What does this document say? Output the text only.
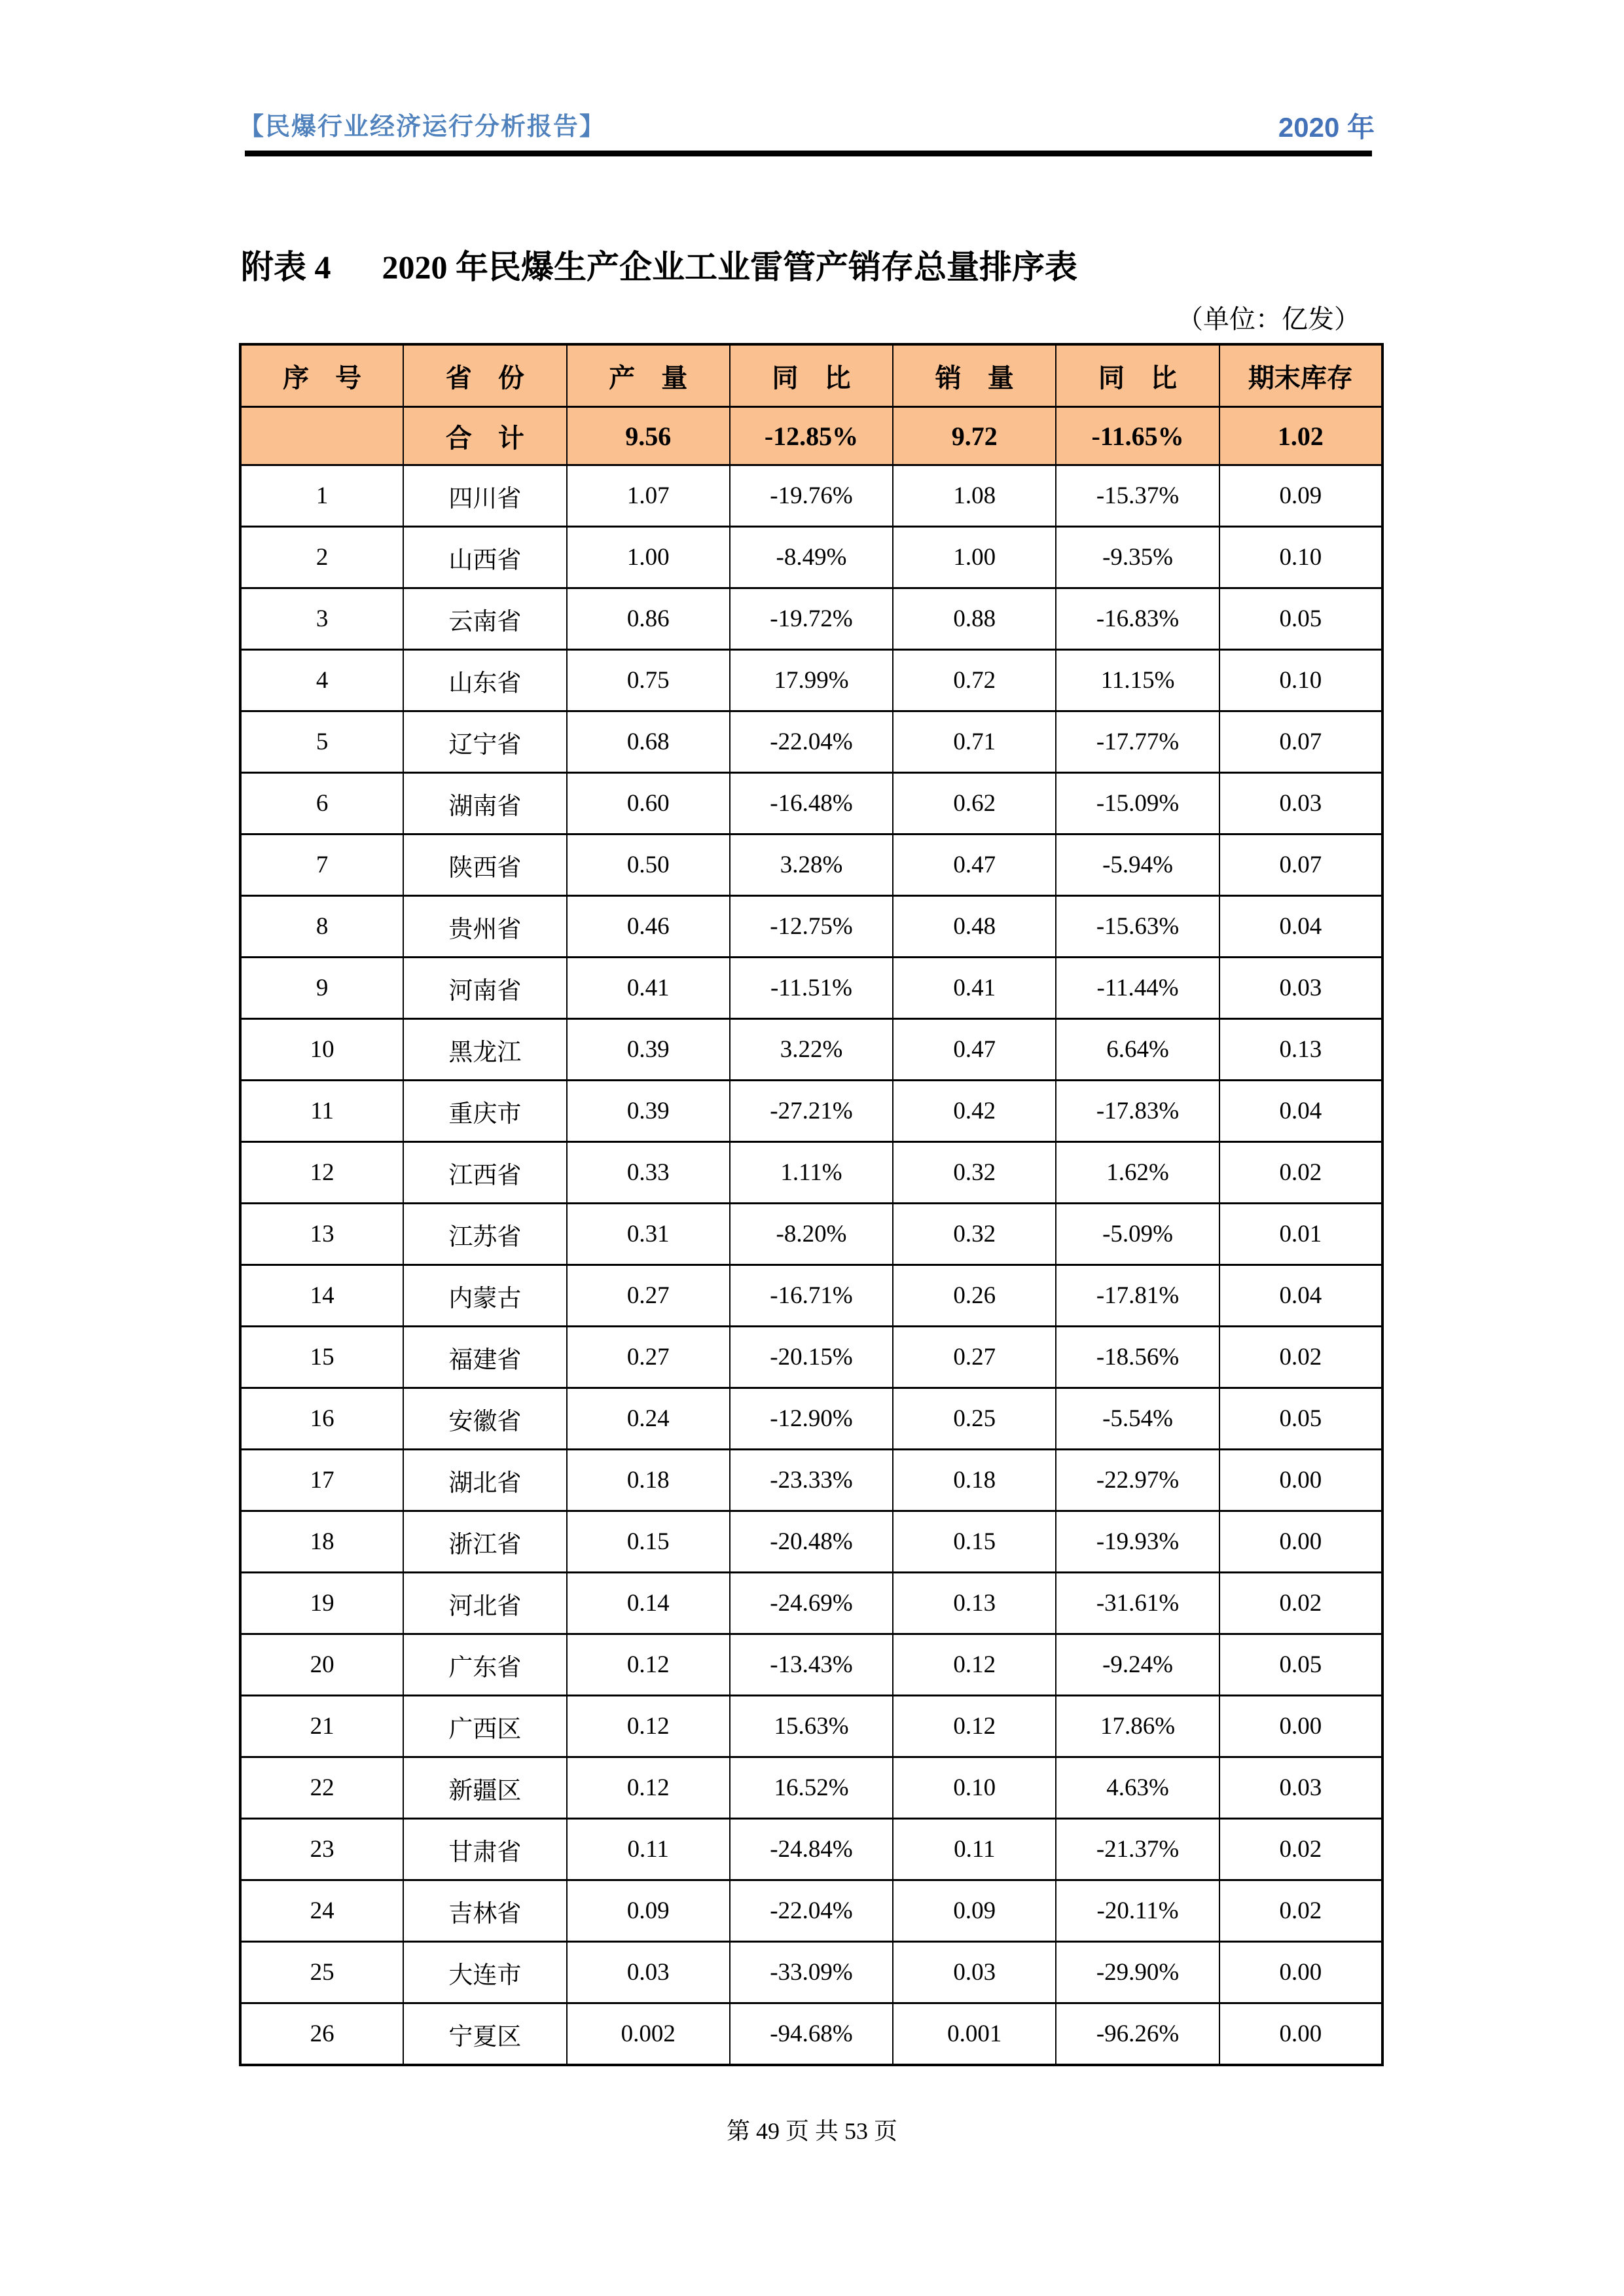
【民爆行业经济运行分析报告】	2020 年
附表 4 2020 年民爆生产企业工业雷管产销存总量排序表
（单位：亿发）
序　号	省　份	产　量	同　比	销　量	同　比	期末库存
	合　计	9.56	-12.85%	9.72	-11.65%	1.02
1	四川省	1.07	-19.76%	1.08	-15.37%	0.09
2	山西省	1.00	-8.49%	1.00	-9.35%	0.10
3	云南省	0.86	-19.72%	0.88	-16.83%	0.05
4	山东省	0.75	17.99%	0.72	11.15%	0.10
5	辽宁省	0.68	-22.04%	0.71	-17.77%	0.07
6	湖南省	0.60	-16.48%	0.62	-15.09%	0.03
7	陕西省	0.50	3.28%	0.47	-5.94%	0.07
8	贵州省	0.46	-12.75%	0.48	-15.63%	0.04
9	河南省	0.41	-11.51%	0.41	-11.44%	0.03
10	黑龙江	0.39	3.22%	0.47	6.64%	0.13
11	重庆市	0.39	-27.21%	0.42	-17.83%	0.04
12	江西省	0.33	1.11%	0.32	1.62%	0.02
13	江苏省	0.31	-8.20%	0.32	-5.09%	0.01
14	内蒙古	0.27	-16.71%	0.26	-17.81%	0.04
15	福建省	0.27	-20.15%	0.27	-18.56%	0.02
16	安徽省	0.24	-12.90%	0.25	-5.54%	0.05
17	湖北省	0.18	-23.33%	0.18	-22.97%	0.00
18	浙江省	0.15	-20.48%	0.15	-19.93%	0.00
19	河北省	0.14	-24.69%	0.13	-31.61%	0.02
20	广东省	0.12	-13.43%	0.12	-9.24%	0.05
21	广西区	0.12	15.63%	0.12	17.86%	0.00
22	新疆区	0.12	16.52%	0.10	4.63%	0.03
23	甘肃省	0.11	-24.84%	0.11	-21.37%	0.02
24	吉林省	0.09	-22.04%	0.09	-20.11%	0.02
25	大连市	0.03	-33.09%	0.03	-29.90%	0.00
26	宁夏区	0.002	-94.68%	0.001	-96.26%	0.00
第 49 页 共 53 页
